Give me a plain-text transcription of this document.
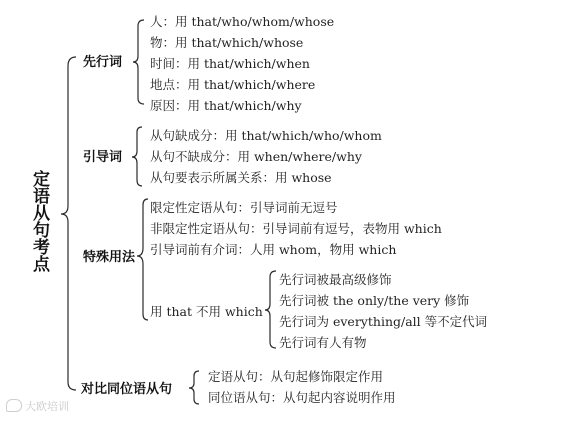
定语从句考点
先行词
引导词
特殊用法
对比同位语从句
人：用 that/who/whom/whose
物：用 that/which/whose
时间：用 that/which/when
地点：用 that/which/where
原因：用 that/which/why
从句缺成分：用 that/which/who/whom
从句不缺成分：用 when/where/why
从句要表示所属关系：用 whose
限定性定语从句：引导词前无逗号
非限定性定语从句：引导词前有逗号，表物用 which
引导词前有介词：人用 whom，物用 which
用 that 不用 which
先行词被最高级修饰
先行词被 the only/the very 修饰
先行词为 everything/all 等不定代词
先行词有人有物
定语从句：从句起修饰限定作用
同位语从句：从句起内容说明作用
大欧培训
